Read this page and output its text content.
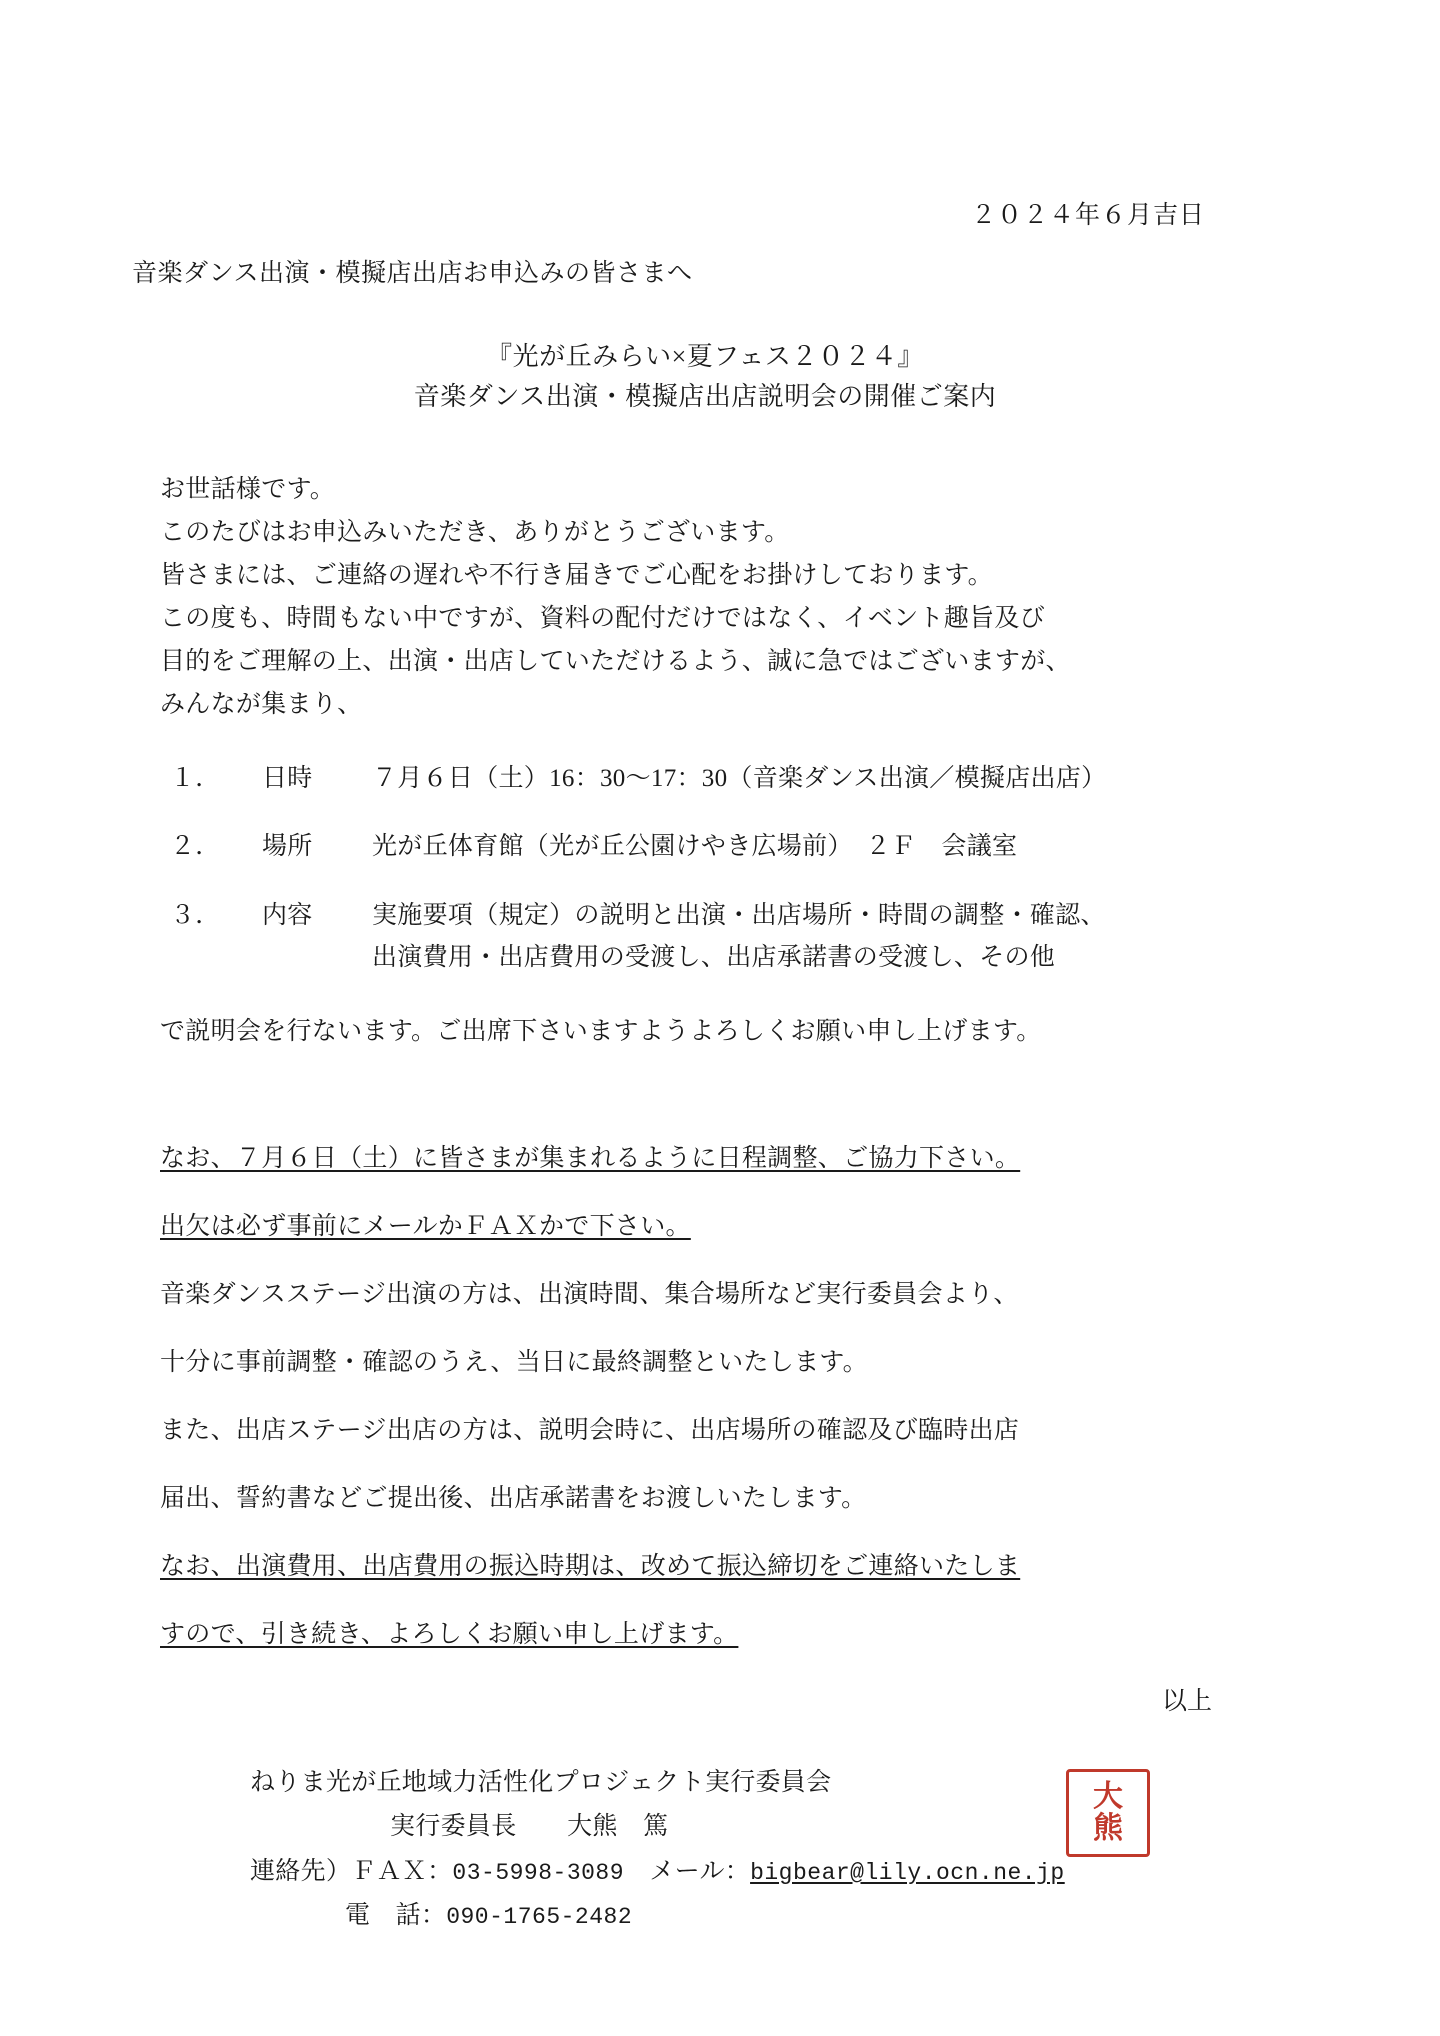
２０２４年６月吉日
音楽ダンス出演・模擬店出店お申込みの皆さまへ
『光が丘みらい×夏フェス２０２４』
音楽ダンス出演・模擬店出店説明会の開催ご案内

お世話様です。

このたびはお申込みいただき、ありがとうございます。

皆さまには、ご連絡の遅れや不行き届きでご心配をお掛けしております。

この度も、時間もない中ですが、資料の配付だけではなく、イベント趣旨及び

目的をご理解の上、出演・出店していただけるよう、誠に急ではございますが、

みんなが集まり、

１．	日時	７月６日（土）16：30〜17：30（音楽ダンス出演／模擬店出店）
２．	場所	光が丘体育館（光が丘公園けやき広場前）　２Ｆ　会議室
３．	内容	実施要項（規定）の説明と出演・出店場所・時間の調整・確認、
出演費用・出店費用の受渡し、出店承諾書の受渡し、その他

で説明会を行ないます。ご出席下さいますようよろしくお願い申し上げます。

なお、７月６日（土）に皆さまが集まれるように日程調整、ご協力下さい。

出欠は必ず事前にメールかＦＡＸかで下さい。

音楽ダンスステージ出演の方は、出演時間、集合場所など実行委員会より、

十分に事前調整・確認のうえ、当日に最終調整といたします。

また、出店ステージ出店の方は、説明会時に、出店場所の確認及び臨時出店

届出、誓約書などご提出後、出店承諾書をお渡しいたします。

なお、出演費用、出店費用の振込時期は、改めて振込締切をご連絡いたしま

すので、引き続き、よろしくお願い申し上げます。

以上
ねりま光が丘地域力活性化プロジェクト実行委員会
実行委員長　　大熊　篤
連絡先）ＦＡＸ：03-5998-3089　メール：bigbear@lily.ocn.ne.jp
電　話：090-1765-2482
大
熊
